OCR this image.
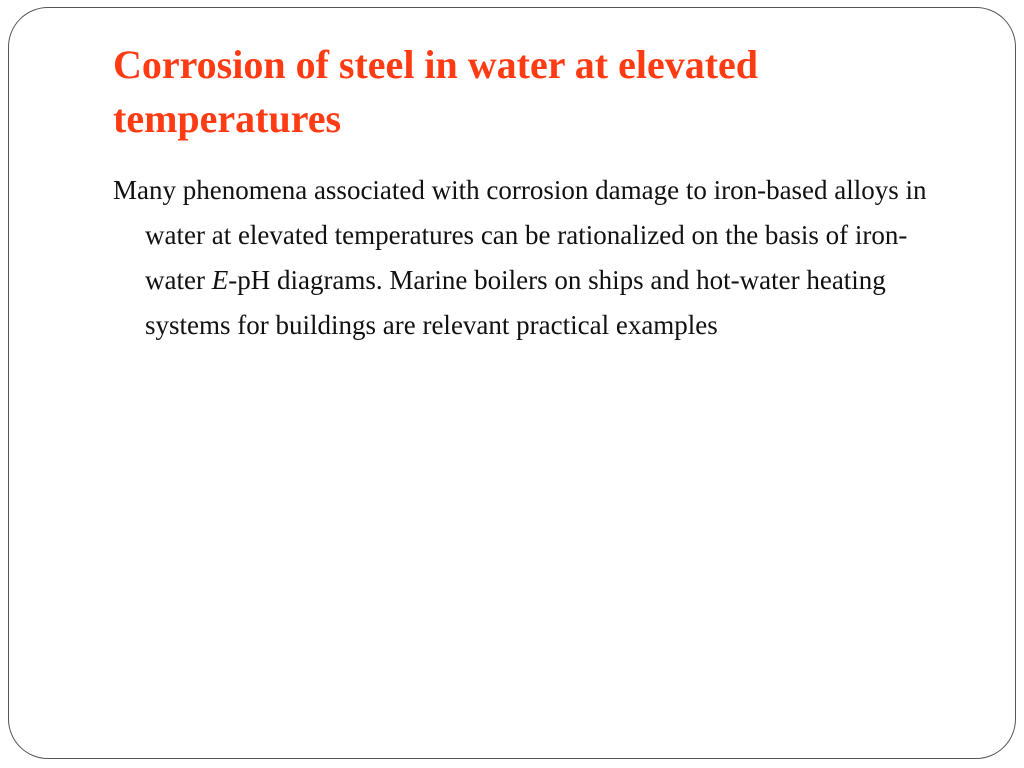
Corrosion of steel in water at elevated temperatures

Many phenomena associated with corrosion damage to iron-based alloys in water at elevated temperatures can be rationalized on the basis of iron-water E-pH diagrams. Marine boilers on ships and hot-water heating systems for buildings are relevant practical examples
